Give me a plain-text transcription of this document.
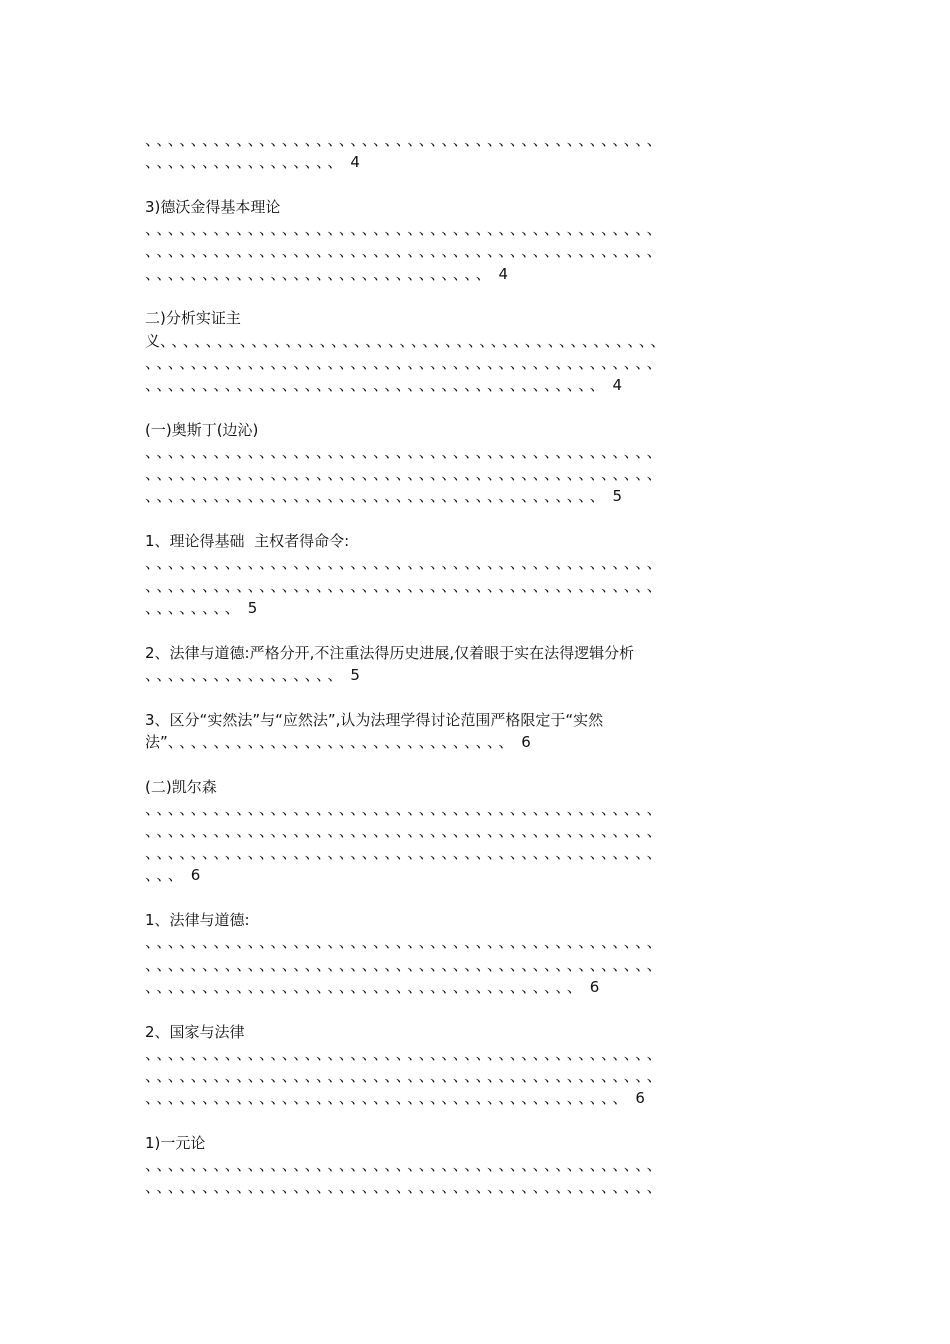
、、、、、、、、、、、、、、、、、、、、、、、、、、、、、、、、、、、、、、、、、、、、、
、、、、、、、、、、、、、、、、、 4
3)德沃金得基本理论
、、、、、、、、、、、、、、、、、、、、、、、、、、、、、、、、、、、、、、、、、、、、、
、、、、、、、、、、、、、、、、、、、、、、、、、、、、、、、、、、、、、、、、、、、、、
、、、、、、、、、、、、、、、、、、、、、、、、、、、、、、 4
二)分析实证主
义、、、、、、、、、、、、、、、、、、、、、、、、、、、、、、、、、、、、、、、、、、、、
、、、、、、、、、、、、、、、、、、、、、、、、、、、、、、、、、、、、、、、、、、、、、
、、、、、、、、、、、、、、、、、、、、、、、、、、、、、、、、、、、、、、、、 4
(一)奥斯丁(边沁)
、、、、、、、、、、、、、、、、、、、、、、、、、、、、、、、、、、、、、、、、、、、、、
、、、、、、、、、、、、、、、、、、、、、、、、、、、、、、、、、、、、、、、、、、、、、
、、、、、、、、、、、、、、、、、、、、、、、、、、、、、、、、、、、、、、、、 5
1、理论得基础  主权者得命令:
、、、、、、、、、、、、、、、、、、、、、、、、、、、、、、、、、、、、、、、、、、、、、
、、、、、、、、、、、、、、、、、、、、、、、、、、、、、、、、、、、、、、、、、、、、、
、、、、、、、、 5
2、法律与道德:严格分开,不注重法得历史进展,仅着眼于实在法得逻辑分析
、、、、、、、、、、、、、、、、、 5
3、区分“实然法”与“应然法”,认为法理学得讨论范围严格限定于“实然
法”、、、、、、、、、、、、、、、、、、、、、、、、、、、、、、 6
(二)凯尔森
、、、、、、、、、、、、、、、、、、、、、、、、、、、、、、、、、、、、、、、、、、、、、
、、、、、、、、、、、、、、、、、、、、、、、、、、、、、、、、、、、、、、、、、、、、、
、、、、、、、、、、、、、、、、、、、、、、、、、、、、、、、、、、、、、、、、、、、、、
、、、 6
1、法律与道德:
、、、、、、、、、、、、、、、、、、、、、、、、、、、、、、、、、、、、、、、、、、、、、
、、、、、、、、、、、、、、、、、、、、、、、、、、、、、、、、、、、、、、、、、、、、、
、、、、、、、、、、、、、、、、、、、、、、、、、、、、、、、、、、、、、、 6
2、国家与法律
、、、、、、、、、、、、、、、、、、、、、、、、、、、、、、、、、、、、、、、、、、、、、
、、、、、、、、、、、、、、、、、、、、、、、、、、、、、、、、、、、、、、、、、、、、、
、、、、、、、、、、、、、、、、、、、、、、、、、、、、、、、、、、、、、、、、、、 6
1)一元论
、、、、、、、、、、、、、、、、、、、、、、、、、、、、、、、、、、、、、、、、、、、、、
、、、、、、、、、、、、、、、、、、、、、、、、、、、、、、、、、、、、、、、、、、、、、
